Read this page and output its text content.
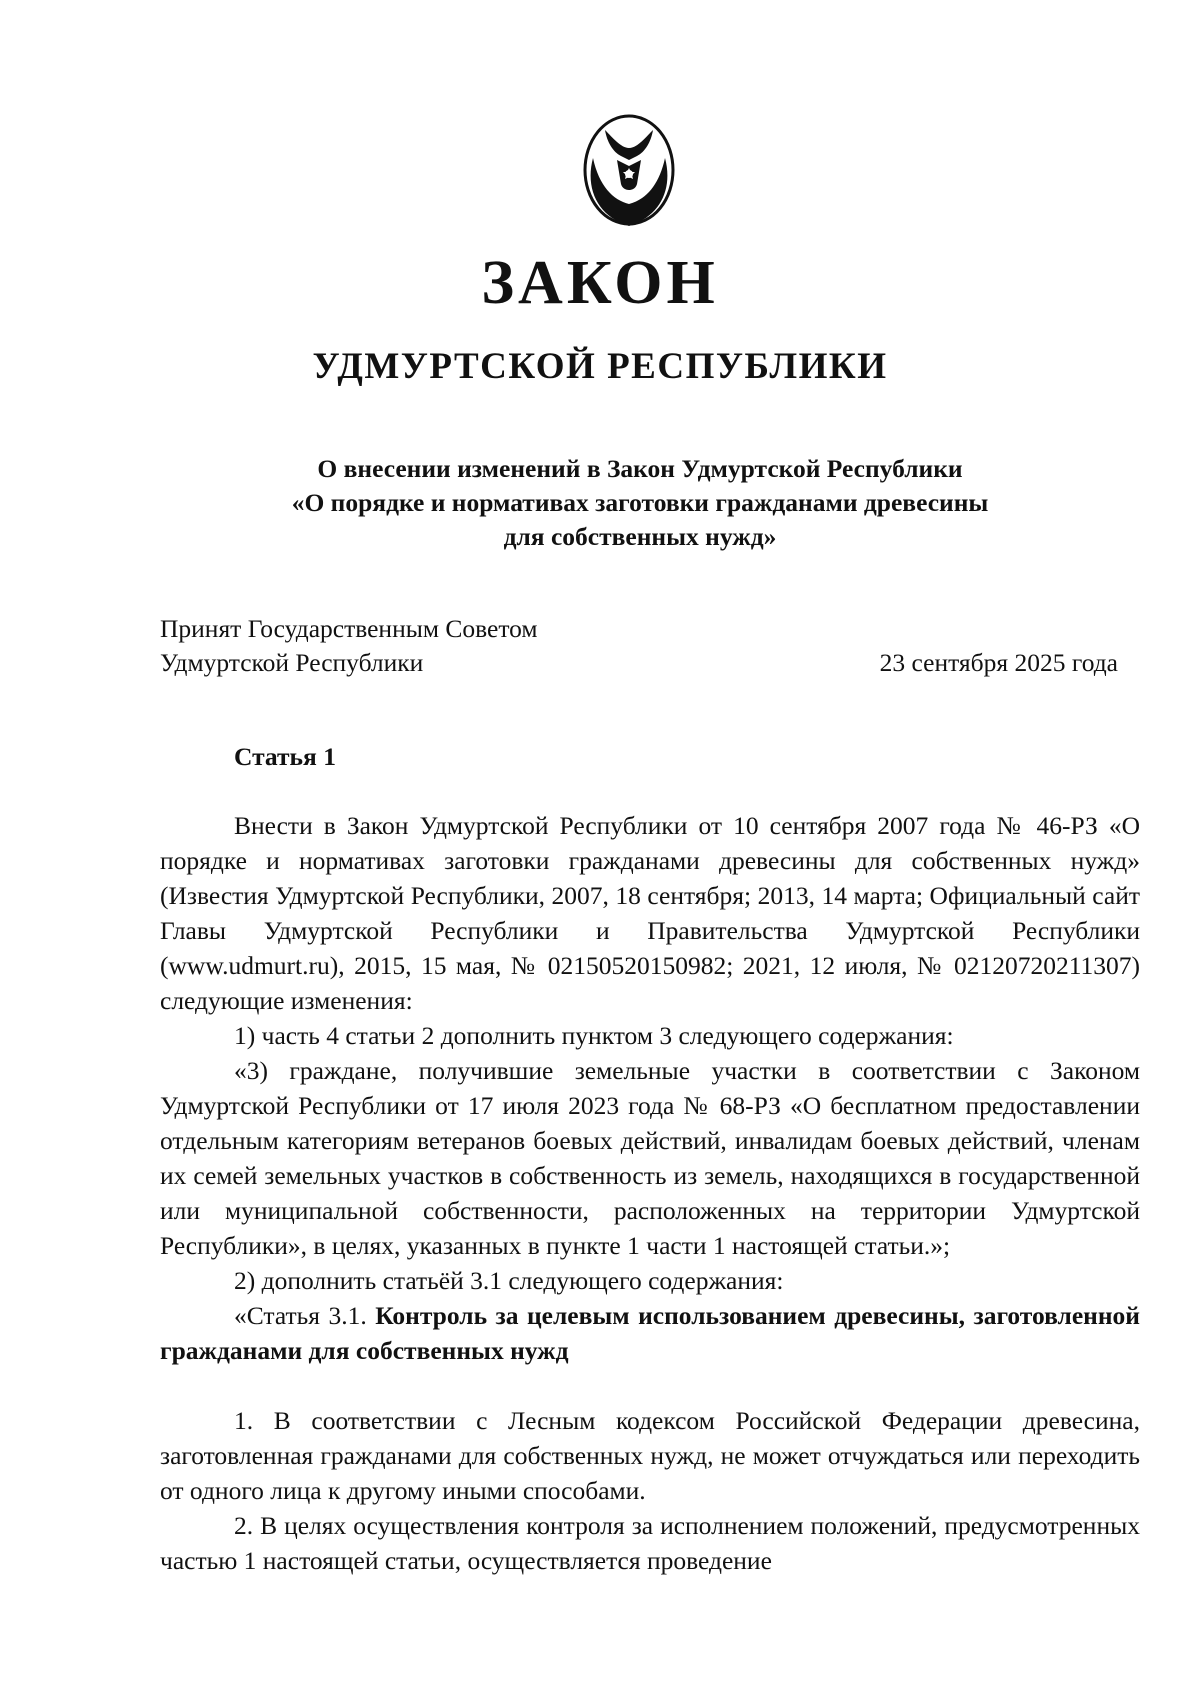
ЗАКОН
УДМУРТСКОЙ РЕСПУБЛИКИ
О внесении изменений в Закон Удмуртской Республики
«О порядке и нормативах заготовки гражданами древесины
для собственных нужд»
Принят Государственным Советом
Удмуртской Республики	23 сентября 2025 года
Статья 1

Внести в Закон Удмуртской Республики от 10 сентября 2007 года № 46-РЗ «О порядке и нормативах заготовки гражданами древесины для собственных нужд» (Известия Удмуртской Республики, 2007, 18 сентября; 2013, 14 марта; Официальный сайт Главы Удмуртской Республики и Правительства Удмуртской Республики (www.udmurt.ru), 2015, 15 мая, № 02150520150982; 2021, 12 июля, № 02120720211307) следующие изменения:

1) часть 4 статьи 2 дополнить пунктом 3 следующего содержания:

«3) граждане, получившие земельные участки в соответствии с Законом Удмуртской Республики от 17 июля 2023 года № 68-РЗ «О бесплатном предоставлении отдельным категориям ветеранов боевых действий, инвалидам боевых действий, членам их семей земельных участков в собственность из земель, находящихся в государственной или муниципальной собственности, расположенных на территории Удмуртской Республики», в целях, указанных в пункте 1 части 1 настоящей статьи.»;

2) дополнить статьёй 3.1 следующего содержания:

«Статья 3.1. Контроль за целевым использованием древесины, заготовленной гражданами для собственных нужд

1. В соответствии с Лесным кодексом Российской Федерации древесина, заготовленная гражданами для собственных нужд, не может отчуждаться или переходить от одного лица к другому иными способами.

2. В целях осуществления контроля за исполнением положений, предусмотренных частью 1 настоящей статьи, осуществляется проведение
